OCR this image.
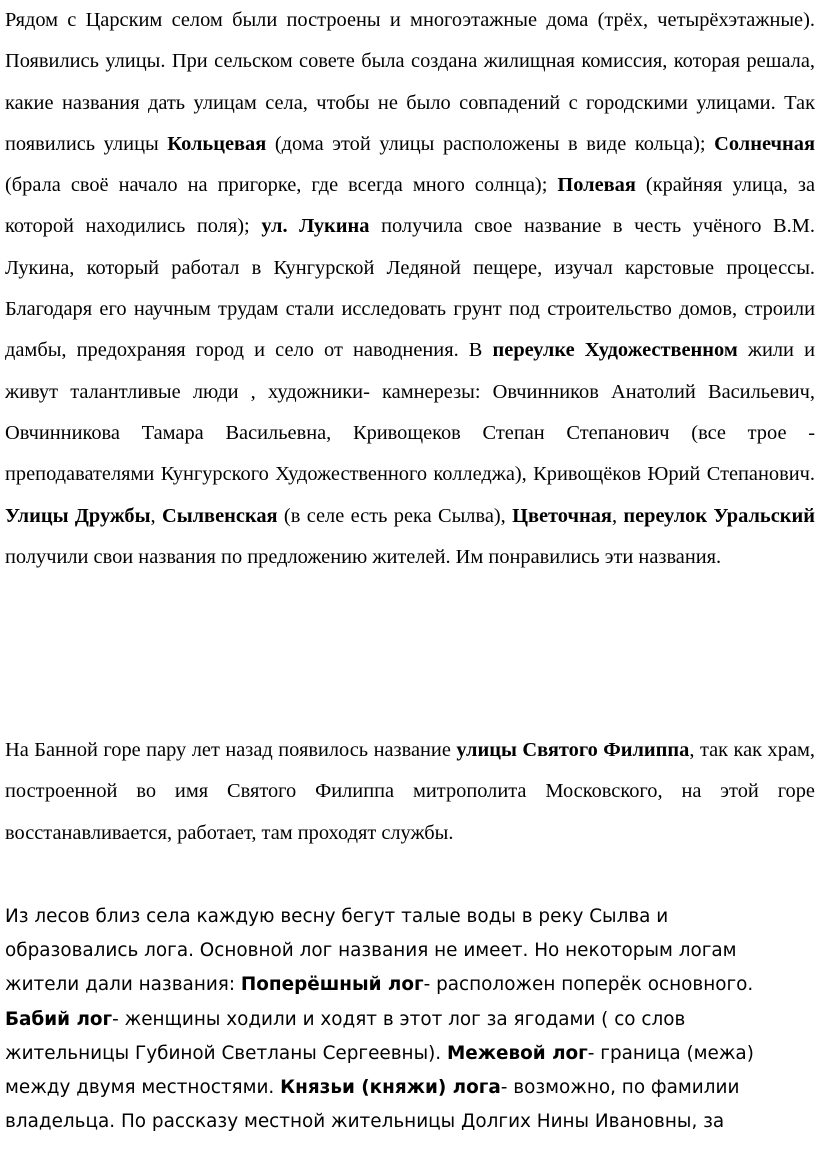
Рядом с Царским селом были построены и многоэтажные дома (трёх, четырёхэтажные). Появились улицы. При сельском совете была создана жилищная комиссия, которая решала, какие названия дать улицам села, чтобы не было совпадений с городскими улицами. Так появились улицы Кольцевая (дома этой улицы расположены в виде кольца); Солнечная (брала своё начало на пригорке, где всегда много солнца); Полевая (крайняя улица, за которой находились поля); ул. Лукина получила свое название в честь учёного В.М. Лукина, который работал в Кунгурской Ледяной пещере, изучал карстовые процессы. Благодаря его научным трудам стали исследовать грунт под строительство домов, строили дамбы, предохраняя город и село от наводнения. В переулке Художественном жили и живут талантливые люди , художники- камнерезы: Овчинников Анатолий Васильевич, Овчинникова Тамара Васильевна, Кривощеков Степан Степанович (все трое - преподавателями Кунгурского Художественного колледжа), Кривощёков Юрий Степанович. Улицы Дружбы, Сылвенская (в селе есть река Сылва), Цветочная, переулок Уральский получили свои названия по предложению жителей. Им понравились эти названия.

На Банной горе пару лет назад появилось название улицы Святого Филиппа, так как храм, построенной во имя Святого Филиппа митрополита Московского, на этой горе восстанавливается, работает, там проходят службы.

Из лесов близ села каждую весну бегут талые воды в реку Сылва и образовались лога. Основной лог названия не имеет. Но некоторым логам жители дали названия: Поперёшный лог- расположен поперёк основного. Бабий лог- женщины ходили и ходят в этот лог за ягодами ( со слов жительницы Губиной Светланы Сергеевны). Межевой лог- граница (межа) между двумя местностями. Князьи (княжи) лога- возможно, по фамилии владельца. По рассказу местной жительницы Долгих Нины Ивановны, за
